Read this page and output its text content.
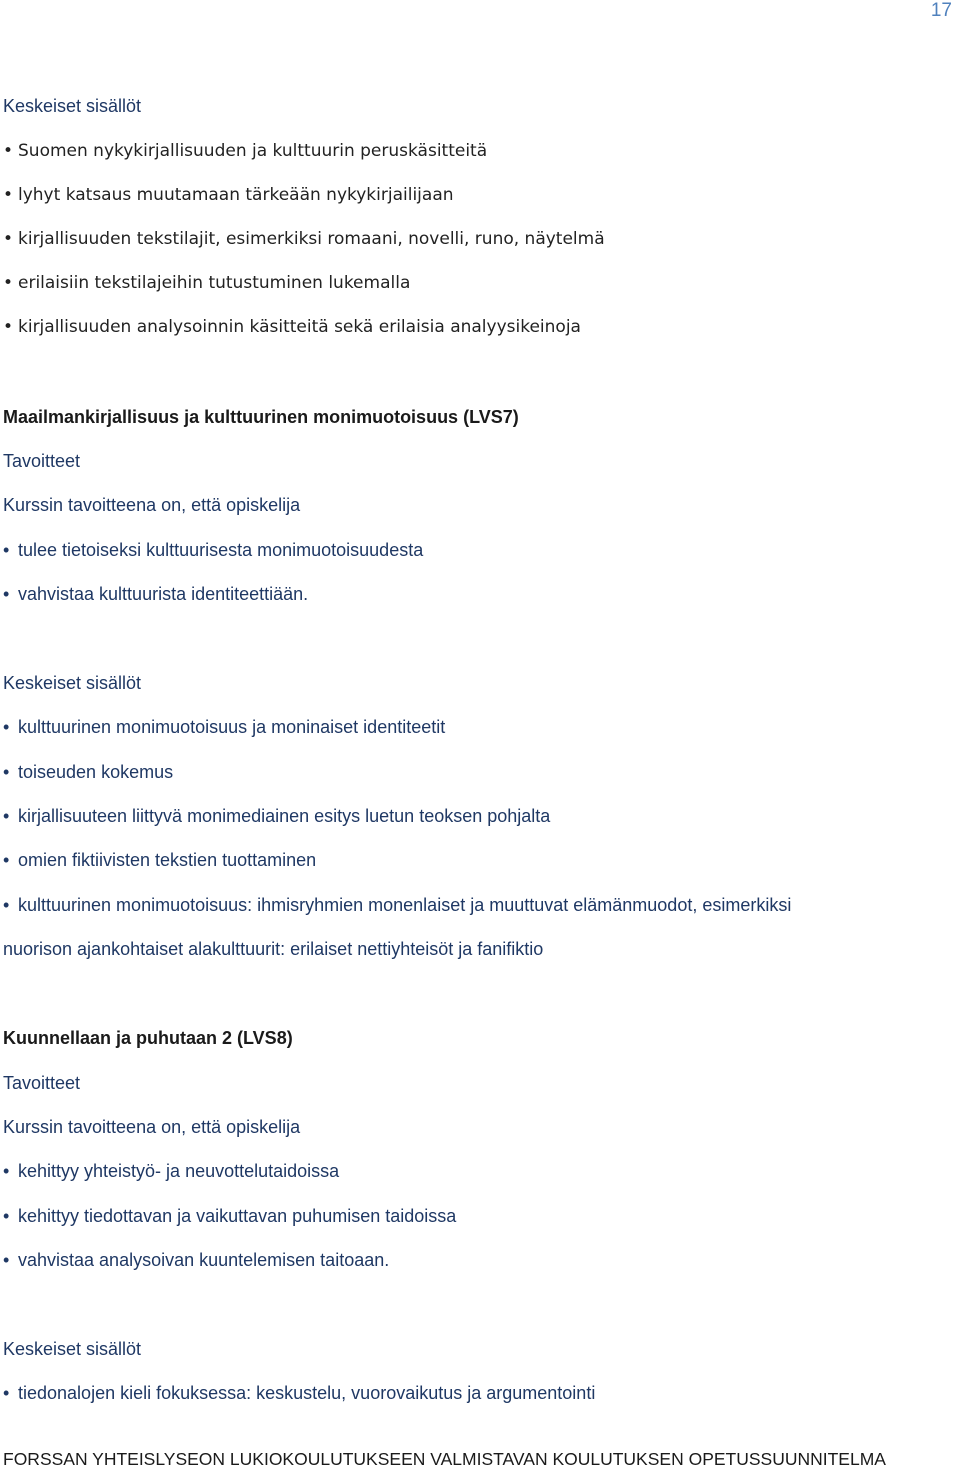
17
Keskeiset sisällöt
• Suomen nykykirjallisuuden ja kulttuurin peruskäsitteitä
• lyhyt katsaus muutamaan tärkeään nykykirjailijaan
• kirjallisuuden tekstilajit, esimerkiksi romaani, novelli, runo, näytelmä
• erilaisiin tekstilajeihin tutustuminen lukemalla
• kirjallisuuden analysoinnin käsitteitä sekä erilaisia analyysikeinoja
Maailmankirjallisuus ja kulttuurinen monimuotoisuus (LVS7)
Tavoitteet
Kurssin tavoitteena on, että opiskelija
• tulee tietoiseksi kulttuurisesta monimuotoisuudesta
• vahvistaa kulttuurista identiteettiään.
Keskeiset sisällöt
• kulttuurinen monimuotoisuus ja moninaiset identiteetit
• toiseuden kokemus
• kirjallisuuteen liittyvä monimediainen esitys luetun teoksen pohjalta
• omien fiktiivisten tekstien tuottaminen
• kulttuurinen monimuotoisuus: ihmisryhmien monenlaiset ja muuttuvat elämänmuodot, esimerkiksi
nuorison ajankohtaiset alakulttuurit: erilaiset nettiyhteisöt ja fanifiktio
Kuunnellaan ja puhutaan 2 (LVS8)
Tavoitteet
Kurssin tavoitteena on, että opiskelija
• kehittyy yhteistyö- ja neuvottelutaidoissa
• kehittyy tiedottavan ja vaikuttavan puhumisen taidoissa
• vahvistaa analysoivan kuuntelemisen taitoaan.
Keskeiset sisällöt
• tiedonalojen kieli fokuksessa: keskustelu, vuorovaikutus ja argumentointi
FORSSAN YHTEISLYSEON LUKIOKOULUTUKSEEN VALMISTAVAN KOULUTUKSEN OPETUSSUUNNITELMA
